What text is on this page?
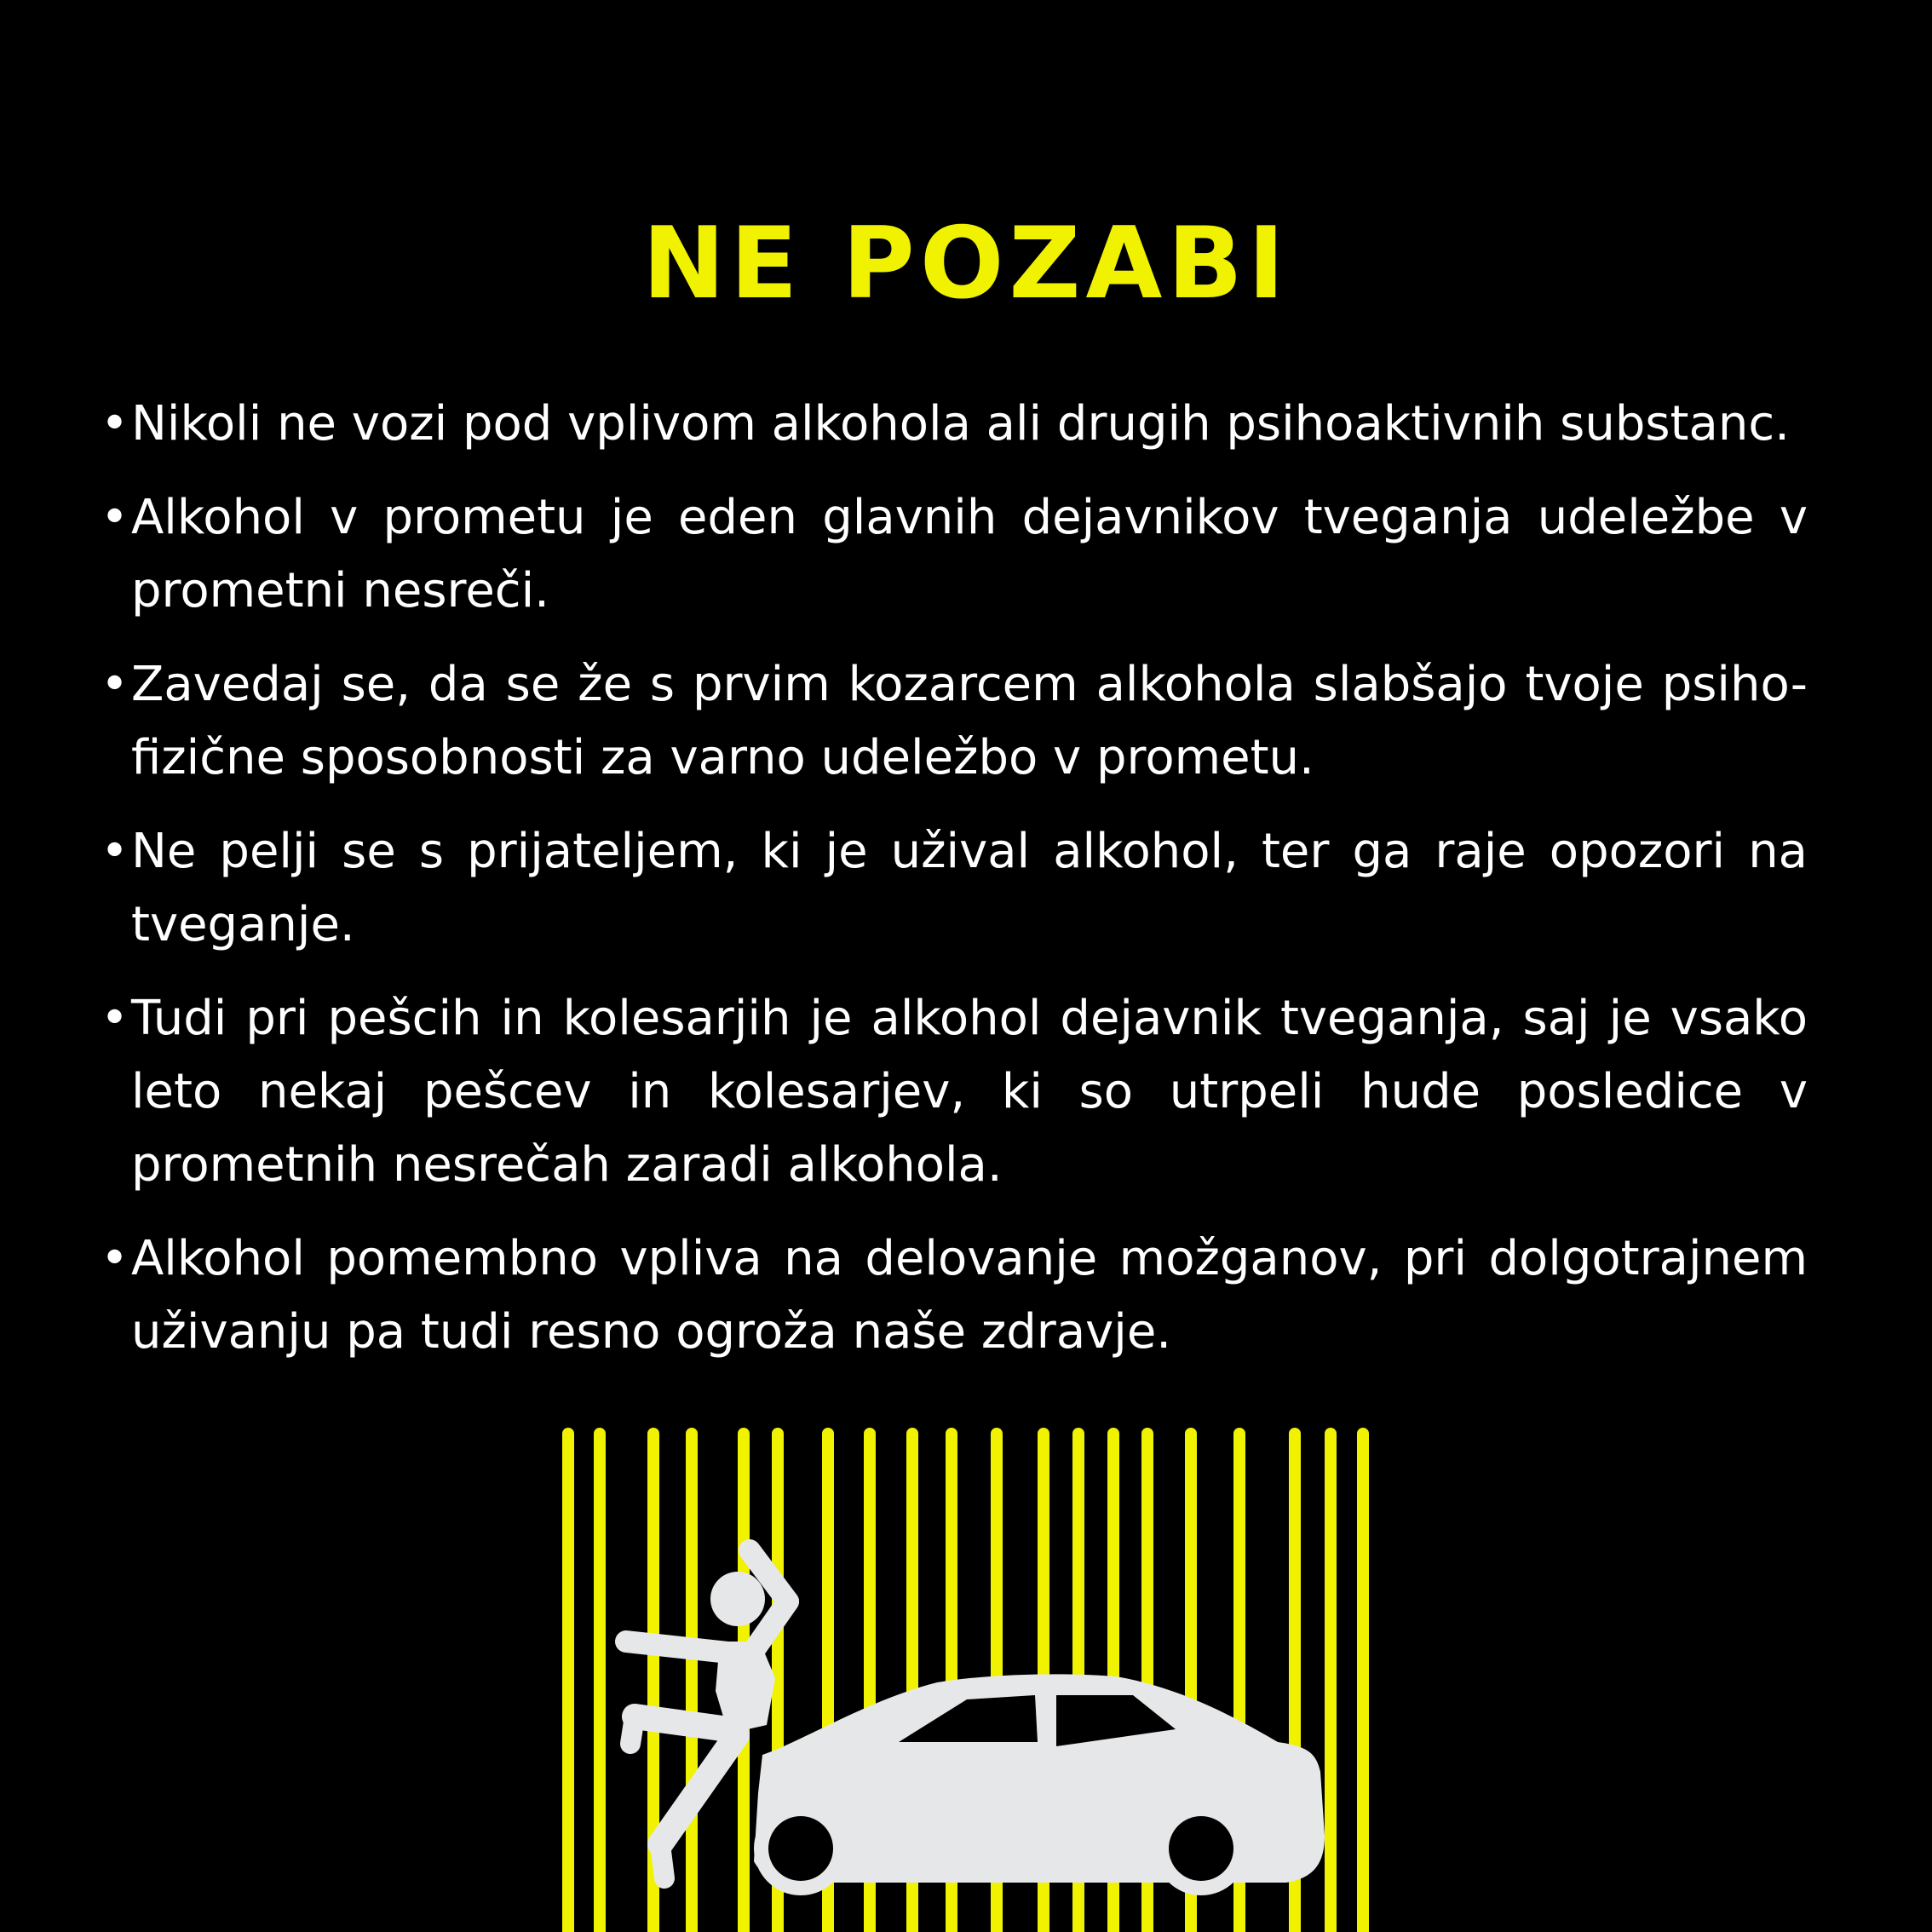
NE POZABI
• Nikoli ne vozi pod vplivom alkohola ali drugih psihoaktivnih substanc.
• Alkohol v prometu je eden glavnih dejavnikov tveganja udeležbe v prometni nesreči.
• Zavedaj se, da se že s prvim kozarcem alkohola slabšajo tvoje psiho-fizične sposobnosti za varno udeležbo v prometu.
• Ne pelji se s prijateljem, ki je užival alkohol, ter ga raje opozori na tveganje.
• Tudi pri pešcih in kolesarjih je alkohol dejavnik tveganja, saj je vsako leto nekaj pešcev in kolesarjev, ki so utrpeli hude posledice v prometnih nesrečah zaradi alkohola.
• Alkohol pomembno vpliva na delovanje možganov, pri dolgotrajnem uživanju pa tudi resno ogroža naše zdravje.
